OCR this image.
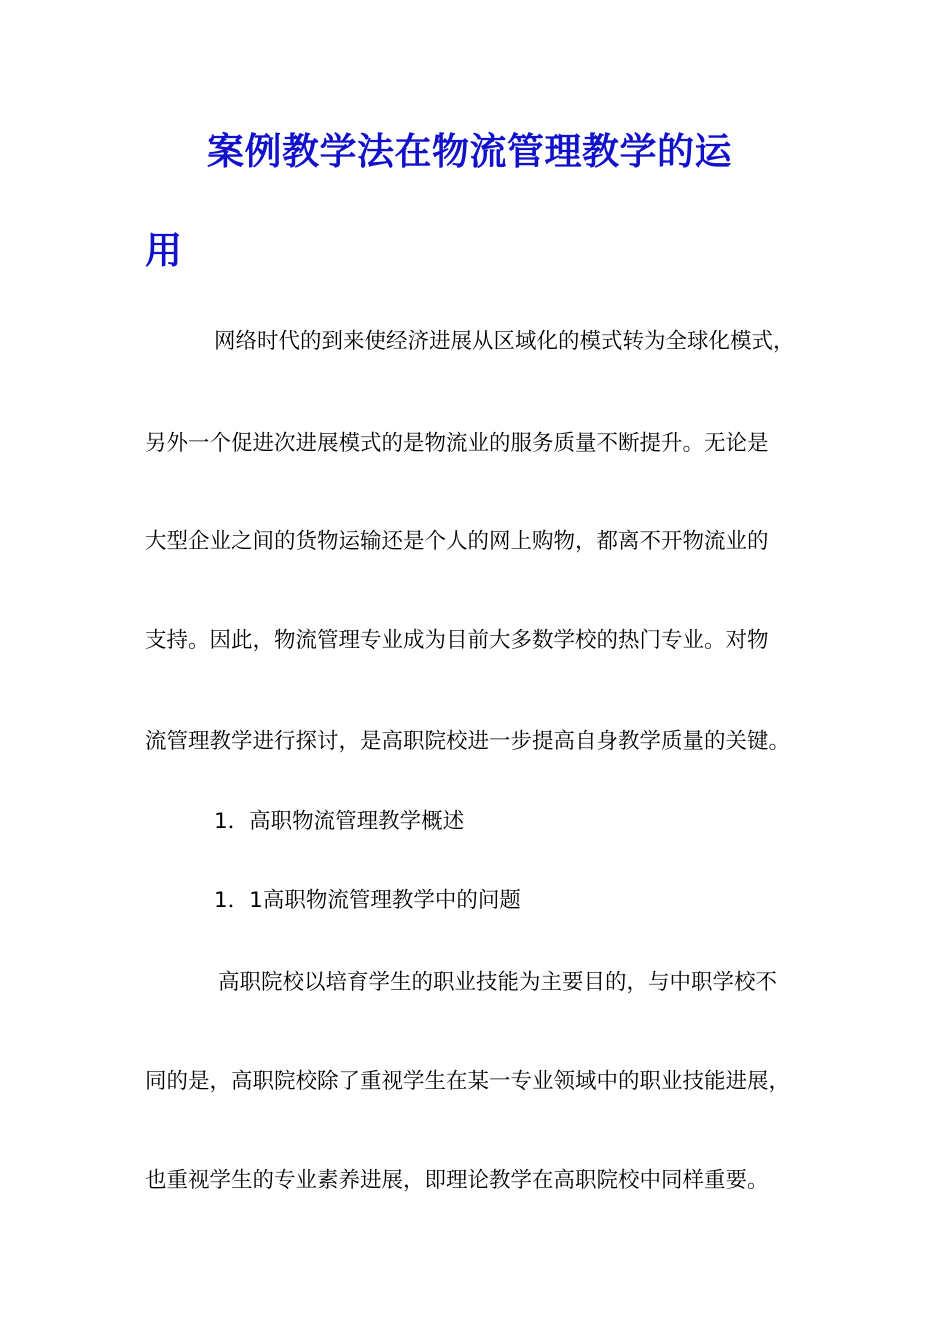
案例教学法在物流管理教学的运
用

网络时代的到来使经济进展从区域化的模式转为全球化模式，

另外一个促进次进展模式的是物流业的服务质量不断提升。无论是

大型企业之间的货物运输还是个人的网上购物，都离不开物流业的

支持。因此，物流管理专业成为目前大多数学校的热门专业。对物

流管理教学进行探讨，是高职院校进一步提高自身教学质量的关键。

1．高职物流管理教学概述

1．1高职物流管理教学中的问题

高职院校以培育学生的职业技能为主要目的，与中职学校不

同的是，高职院校除了重视学生在某一专业领域中的职业技能进展，

也重视学生的专业素养进展，即理论教学在高职院校中同样重要。
